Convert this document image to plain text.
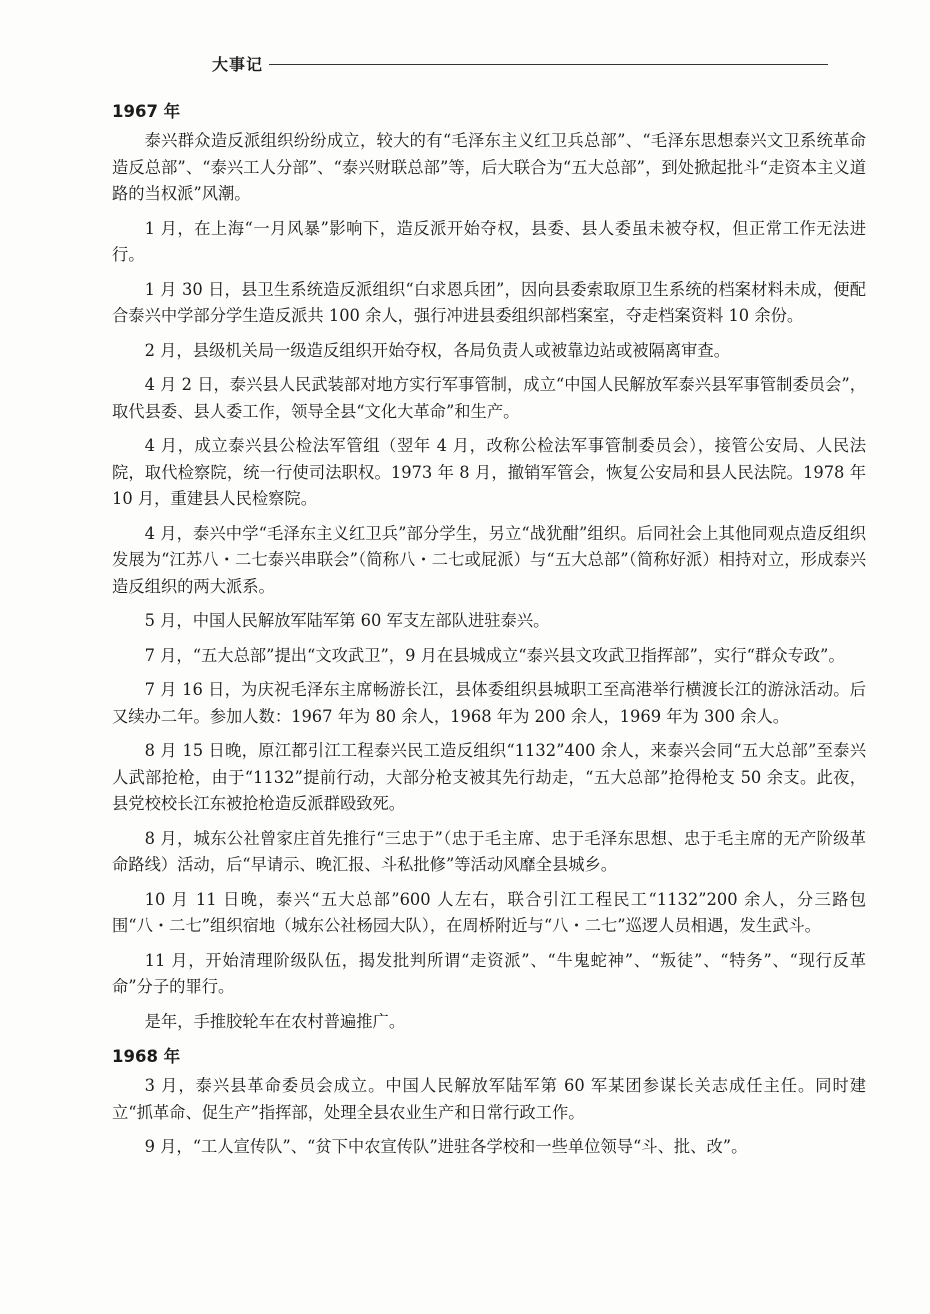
大事记
1967 年

泰兴群众造反派组织纷纷成立，较大的有“毛泽东主义红卫兵总部”、“毛泽东思想泰兴文卫系统革命造反总部”、“泰兴工人分部”、“泰兴财联总部”等，后大联合为“五大总部”，到处掀起批斗“走资本主义道路的当权派”风潮。

1 月，在上海“一月风暴”影响下，造反派开始夺权，县委、县人委虽未被夺权，但正常工作无法进行。

1 月 30 日，县卫生系统造反派组织“白求恩兵团”，因向县委索取原卫生系统的档案材料未成，便配合泰兴中学部分学生造反派共 100 余人，强行冲进县委组织部档案室，夺走档案资料 10 余份。

2 月，县级机关局一级造反组织开始夺权，各局负责人或被靠边站或被隔离审查。

4 月 2 日，泰兴县人民武装部对地方实行军事管制，成立“中国人民解放军泰兴县军事管制委员会”，取代县委、县人委工作，领导全县“文化大革命”和生产。

4 月，成立泰兴县公检法军管组（翌年 4 月，改称公检法军事管制委员会），接管公安局、人民法院，取代检察院，统一行使司法职权。1973 年 8 月，撤销军管会，恢复公安局和县人民法院。1978 年 10 月，重建县人民检察院。

4 月，泰兴中学“毛泽东主义红卫兵”部分学生，另立“战犹酣”组织。后同社会上其他同观点造反组织发展为“江苏八・二七泰兴串联会”（简称八・二七或屁派）与“五大总部”（简称好派）相持对立，形成泰兴造反组织的两大派系。

5 月，中国人民解放军陆军第 60 军支左部队进驻泰兴。

7 月，“五大总部”提出“文攻武卫”，9 月在县城成立“泰兴县文攻武卫指挥部”，实行“群众专政”。

7 月 16 日，为庆祝毛泽东主席畅游长江，县体委组织县城职工至高港举行横渡长江的游泳活动。后又续办二年。参加人数：1967 年为 80 余人，1968 年为 200 余人，1969 年为 300 余人。

8 月 15 日晚，原江都引江工程泰兴民工造反组织“1132”400 余人，来泰兴会同“五大总部”至泰兴人武部抢枪，由于“1132”提前行动，大部分枪支被其先行劫走，“五大总部”抢得枪支 50 余支。此夜，县党校校长江东被抢枪造反派群殴致死。

8 月，城东公社曾家庄首先推行“三忠于”（忠于毛主席、忠于毛泽东思想、忠于毛主席的无产阶级革命路线）活动，后“早请示、晚汇报、斗私批修”等活动风靡全县城乡。

10 月 11 日晚，泰兴“五大总部”600 人左右，联合引江工程民工“1132”200 余人，分三路包围“八・二七”组织宿地（城东公社杨园大队），在周桥附近与“八・二七”巡逻人员相遇，发生武斗。

11 月，开始清理阶级队伍，揭发批判所谓“走资派”、“牛鬼蛇神”、“叛徒”、“特务”、“现行反革命”分子的罪行。

是年，手推胶轮车在农村普遍推广。

1968 年

3 月，泰兴县革命委员会成立。中国人民解放军陆军第 60 军某团参谋长关志成任主任。同时建立“抓革命、促生产”指挥部，处理全县农业生产和日常行政工作。

9 月，“工人宣传队”、“贫下中农宣传队”进驻各学校和一些单位领导“斗、批、改”。
